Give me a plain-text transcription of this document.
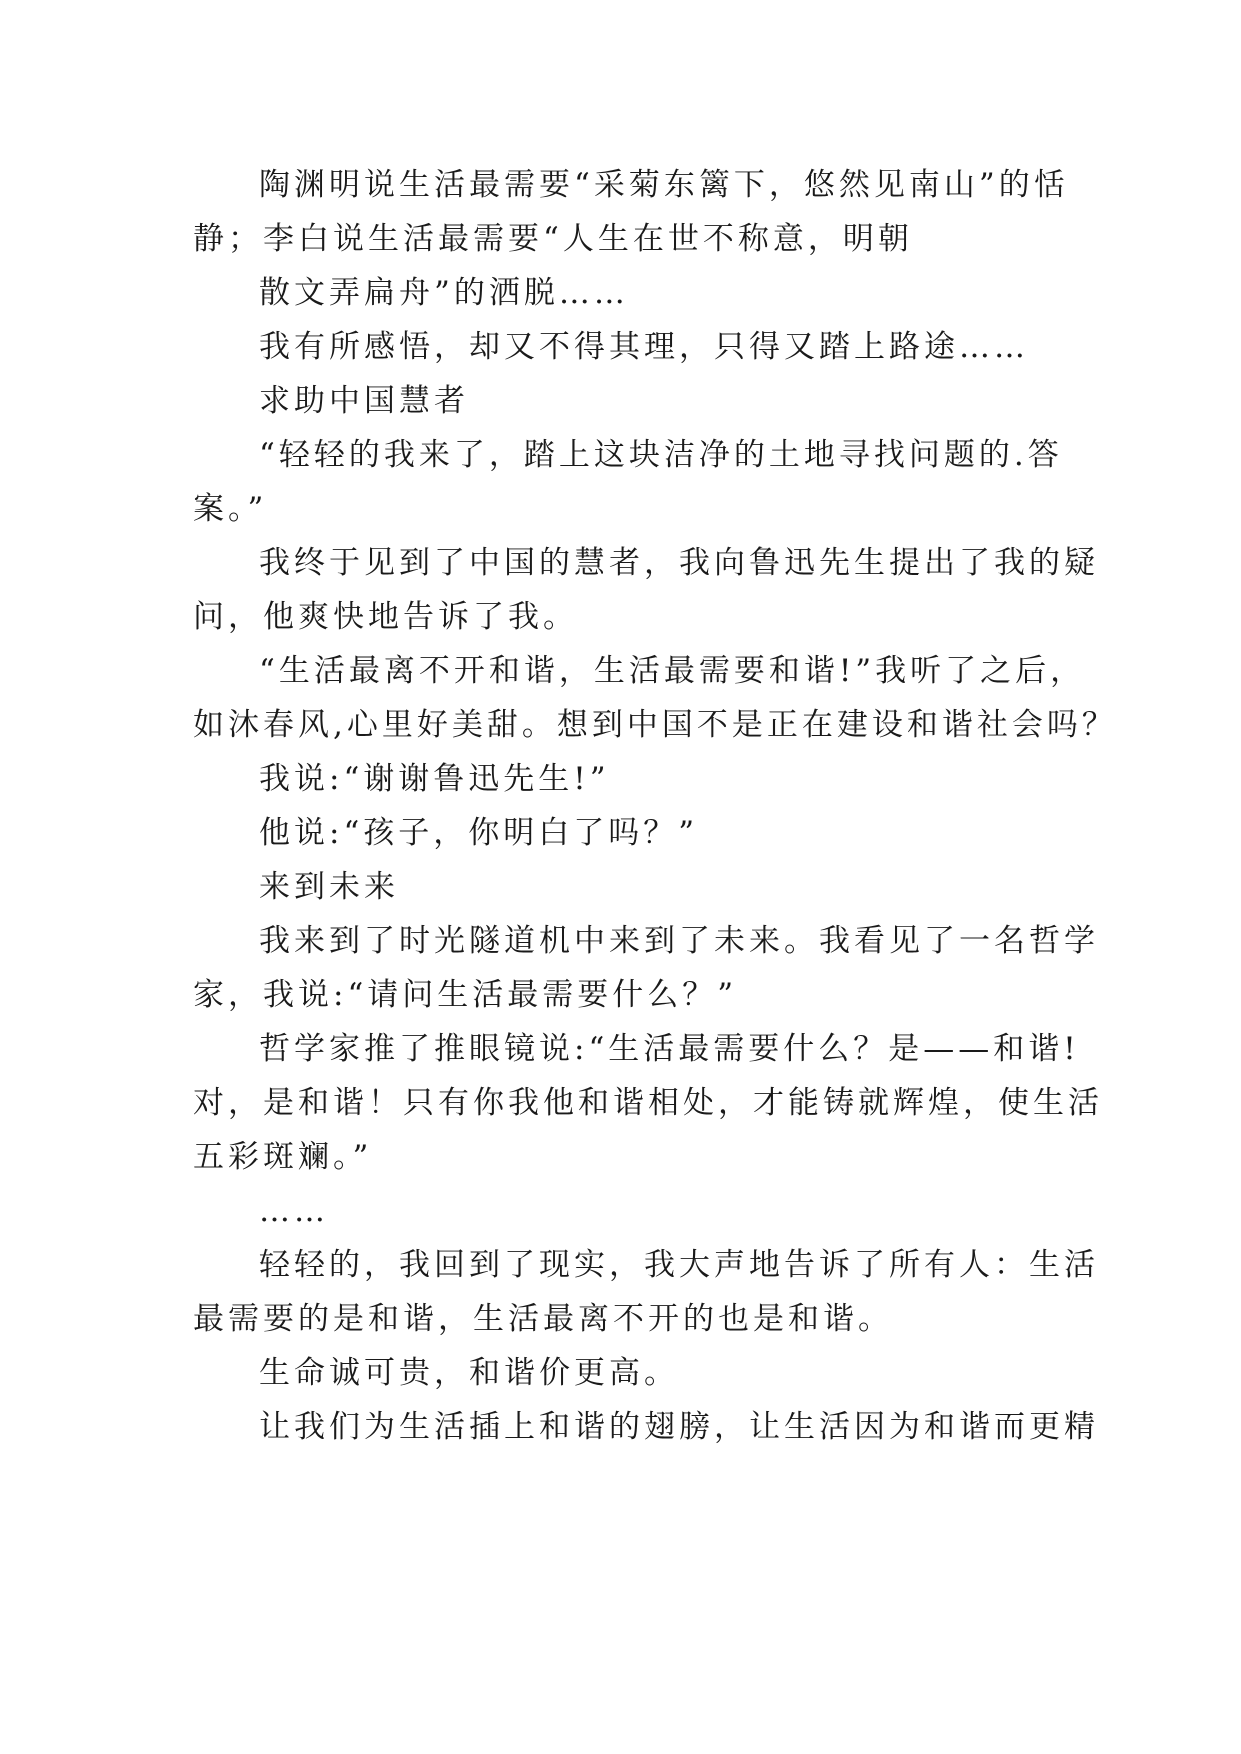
陶渊明说生活最需要“采菊东篱下，悠然见南山”的恬
静；李白说生活最需要“人生在世不称意，明朝
散文弄扁舟”的洒脱……
我有所感悟，却又不得其理，只得又踏上路途……
求助中国慧者
“轻轻的我来了，踏上这块洁净的土地寻找问题的.答
案。”
我终于见到了中国的慧者，我向鲁迅先生提出了我的疑
问，他爽快地告诉了我。
“生活最离不开和谐，生活最需要和谐!”我听了之后，
如沐春风,心里好美甜。想到中国不是正在建设和谐社会吗？
我说:“谢谢鲁迅先生!”
他说:“孩子，你明白了吗？”
来到未来
我来到了时光隧道机中来到了未来。我看见了一名哲学
家，我说:“请问生活最需要什么？”
哲学家推了推眼镜说:“生活最需要什么？是——和谐!
对，是和谐！只有你我他和谐相处，才能铸就辉煌，使生活
五彩斑斓。”
……
轻轻的，我回到了现实，我大声地告诉了所有人：生活
最需要的是和谐，生活最离不开的也是和谐。
生命诚可贵，和谐价更高。
让我们为生活插上和谐的翅膀，让生活因为和谐而更精
